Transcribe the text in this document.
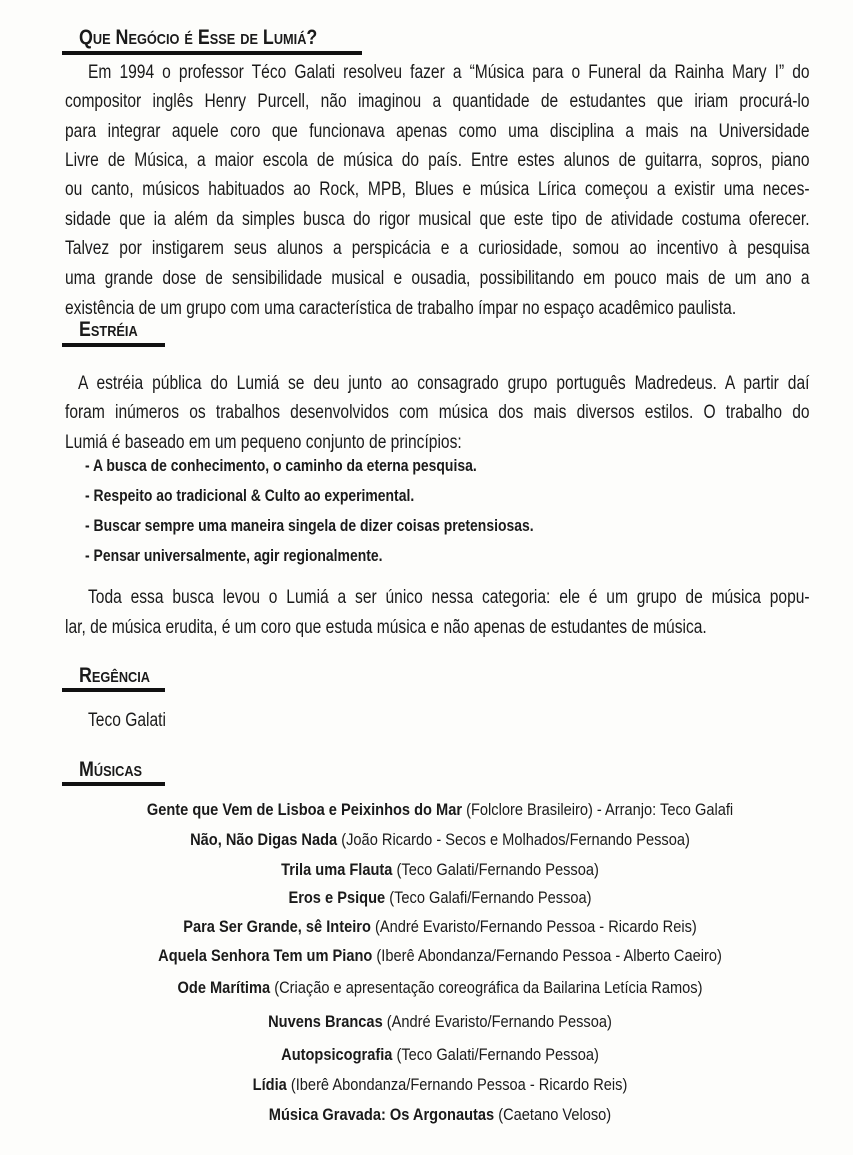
Que Negócio é Esse de Lumiá?
Em 1994 o professor Téco Galati resolveu fazer a “Música para o Funeral da Rainha Mary I” do
compositor inglês Henry Purcell, não imaginou a quantidade de estudantes que iriam procurá-lo
para integrar aquele coro que funcionava apenas como uma disciplina a mais na Universidade
Livre de Música, a maior escola de música do país. Entre estes alunos de guitarra, sopros, piano
ou canto, músicos habituados ao Rock, MPB, Blues e música Lírica começou a existir uma neces-
sidade que ia além da simples busca do rigor musical que este tipo de atividade costuma oferecer.
Talvez por instigarem seus alunos a perspicácia e a curiosidade, somou ao incentivo à pesquisa
uma grande dose de sensibilidade musical e ousadia, possibilitando em pouco mais de um ano a
existência de um grupo com uma característica de trabalho ímpar no espaço acadêmico paulista.
Estréia
A estréia pública do Lumiá se deu junto ao consagrado grupo português Madredeus. A partir daí
foram inúmeros os trabalhos desenvolvidos com música dos mais diversos estilos. O trabalho do
Lumiá é baseado em um pequeno conjunto de princípios:
- A busca de conhecimento, o caminho da eterna pesquisa.
- Respeito ao tradicional & Culto ao experimental.
- Buscar sempre uma maneira singela de dizer coisas pretensiosas.
- Pensar universalmente, agir regionalmente.
Toda essa busca levou o Lumiá a ser único nessa categoria: ele é um grupo de música popu-
lar, de música erudita, é um coro que estuda música e não apenas de estudantes de música.
Regência
Teco Galati
Músicas
Gente que Vem de Lisboa e Peixinhos do Mar (Folclore Brasileiro) - Arranjo: Teco Galafi
Não, Não Digas Nada (João Ricardo - Secos e Molhados/Fernando Pessoa)
Trila uma Flauta (Teco Galati/Fernando Pessoa)
Eros e Psique (Teco Galafi/Fernando Pessoa)
Para Ser Grande, sê Inteiro (André Evaristo/Fernando Pessoa - Ricardo Reis)
Aquela Senhora Tem um Piano (Iberê Abondanza/Fernando Pessoa - Alberto Caeiro)
Ode Marítima (Criação e apresentação coreográfica da Bailarina Letícia Ramos)
Nuvens Brancas (André Evaristo/Fernando Pessoa)
Autopsicografia (Teco Galati/Fernando Pessoa)
Lídia (Iberê Abondanza/Fernando Pessoa - Ricardo Reis)
Música Gravada: Os Argonautas (Caetano Veloso)
